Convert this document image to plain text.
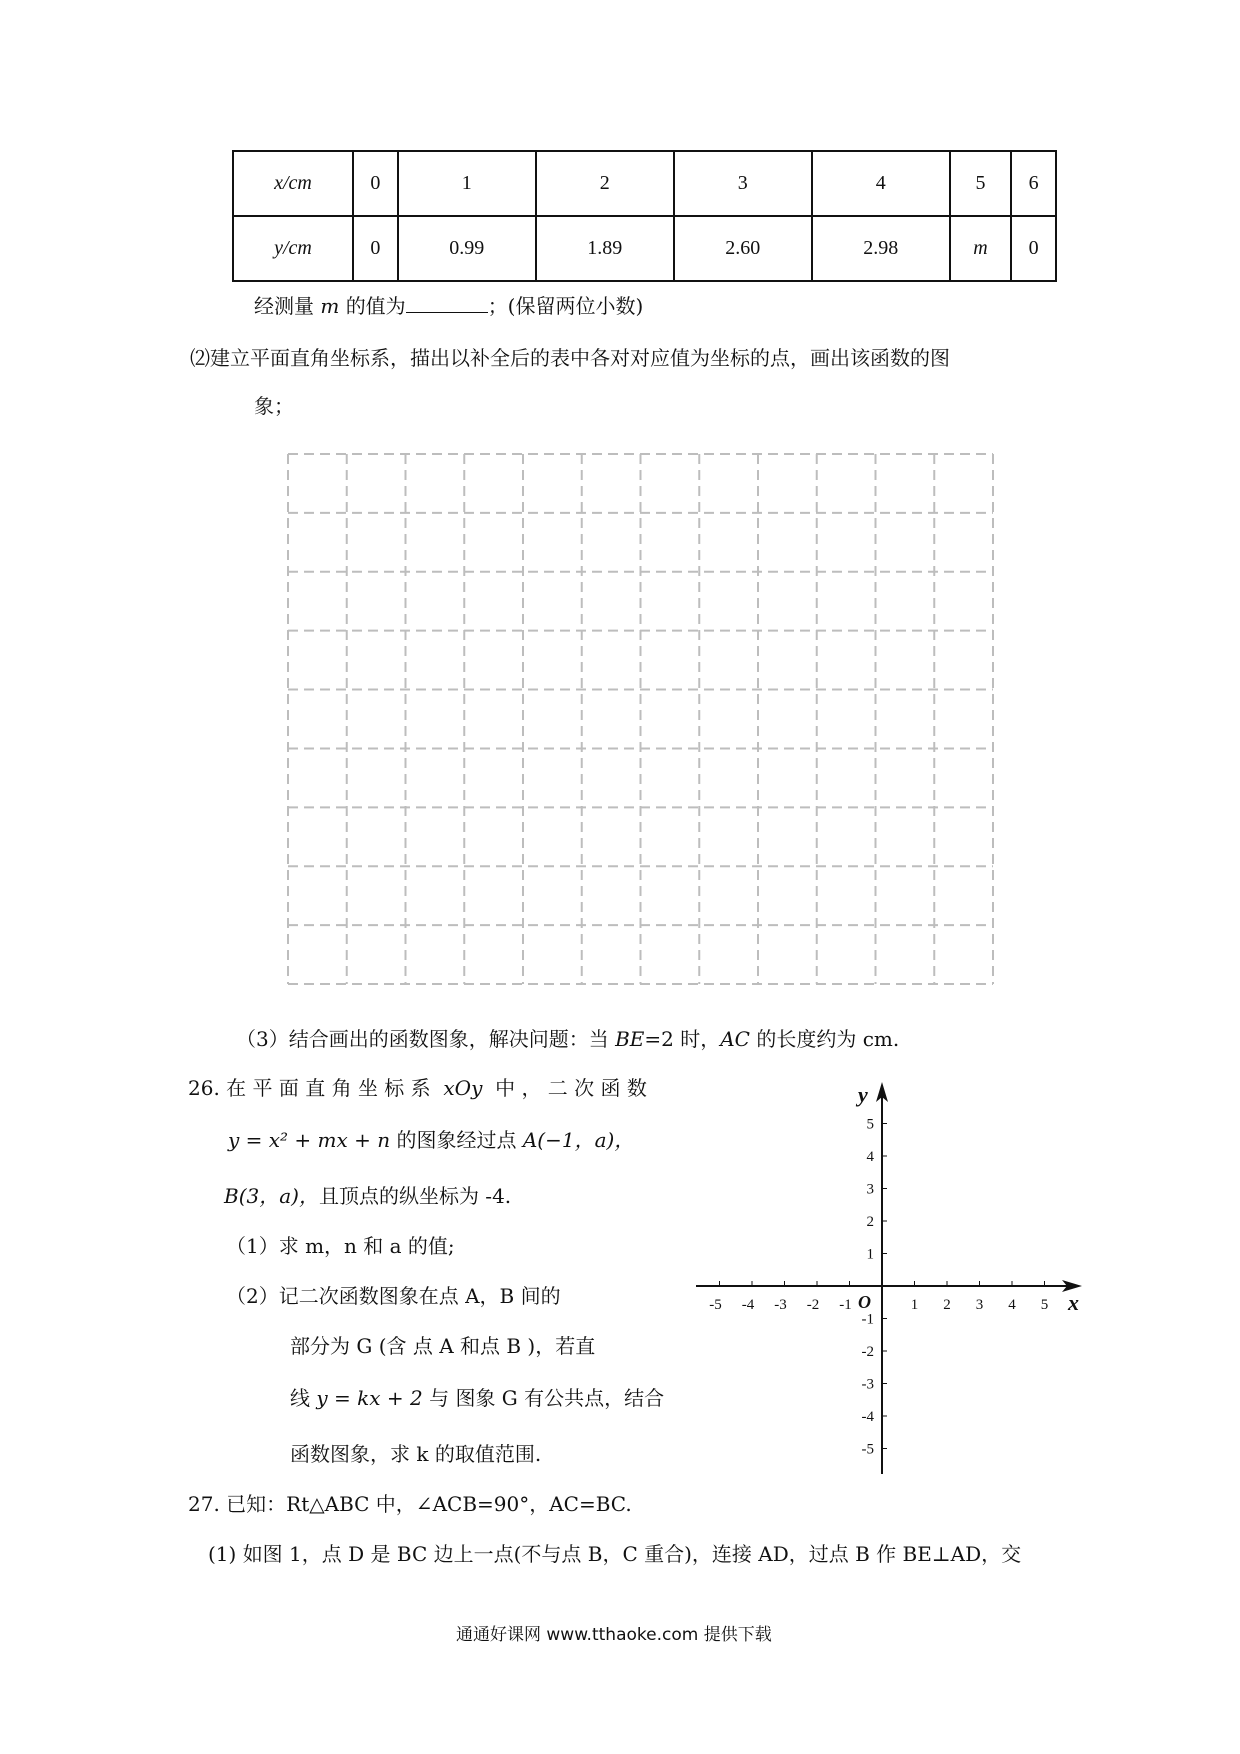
x/cm	0	1	2	3	4	5	6
y/cm	0	0.99	1.89	2.60	2.98	m	0
经测量 m 的值为	；(保留两位小数)
⑵建立平面直角坐标系，描出以补全后的表中各对对应值为坐标的点，画出该函数的图
象；
（3）结合画出的函数图象，解决问题：当 BE=2 时，AC 的长度约为 cm.
26. 在 平 面 直 角 坐 标 系 xOy 中 ， 二 次 函 数
y = x² + mx + n 的图象经过点 A(−1，a)，
B(3，a)，且顶点的纵坐标为 -4.
（1）求 m，n 和 a 的值;
（2）记二次函数图象在点 A，B 间的
部分为 G (含 点 A 和点 B )，若直
线 y = kx + 2 与 图象 G 有公共点，结合
函数图象，求 k 的取值范围.
-5 -4 -3 -2 -1	1 2 3 4 5
5
4
3
2
1
-1
-2
-3
-4
-5
O	x
y
27. 已知：Rt△ABC 中，∠ACB=90°，AC=BC.
(1) 如图 1，点 D 是 BC 边上一点(不与点 B，C 重合)，连接 AD，过点 B 作 BE⊥AD，交
通通好课网 www.tthaoke.com 提供下载
